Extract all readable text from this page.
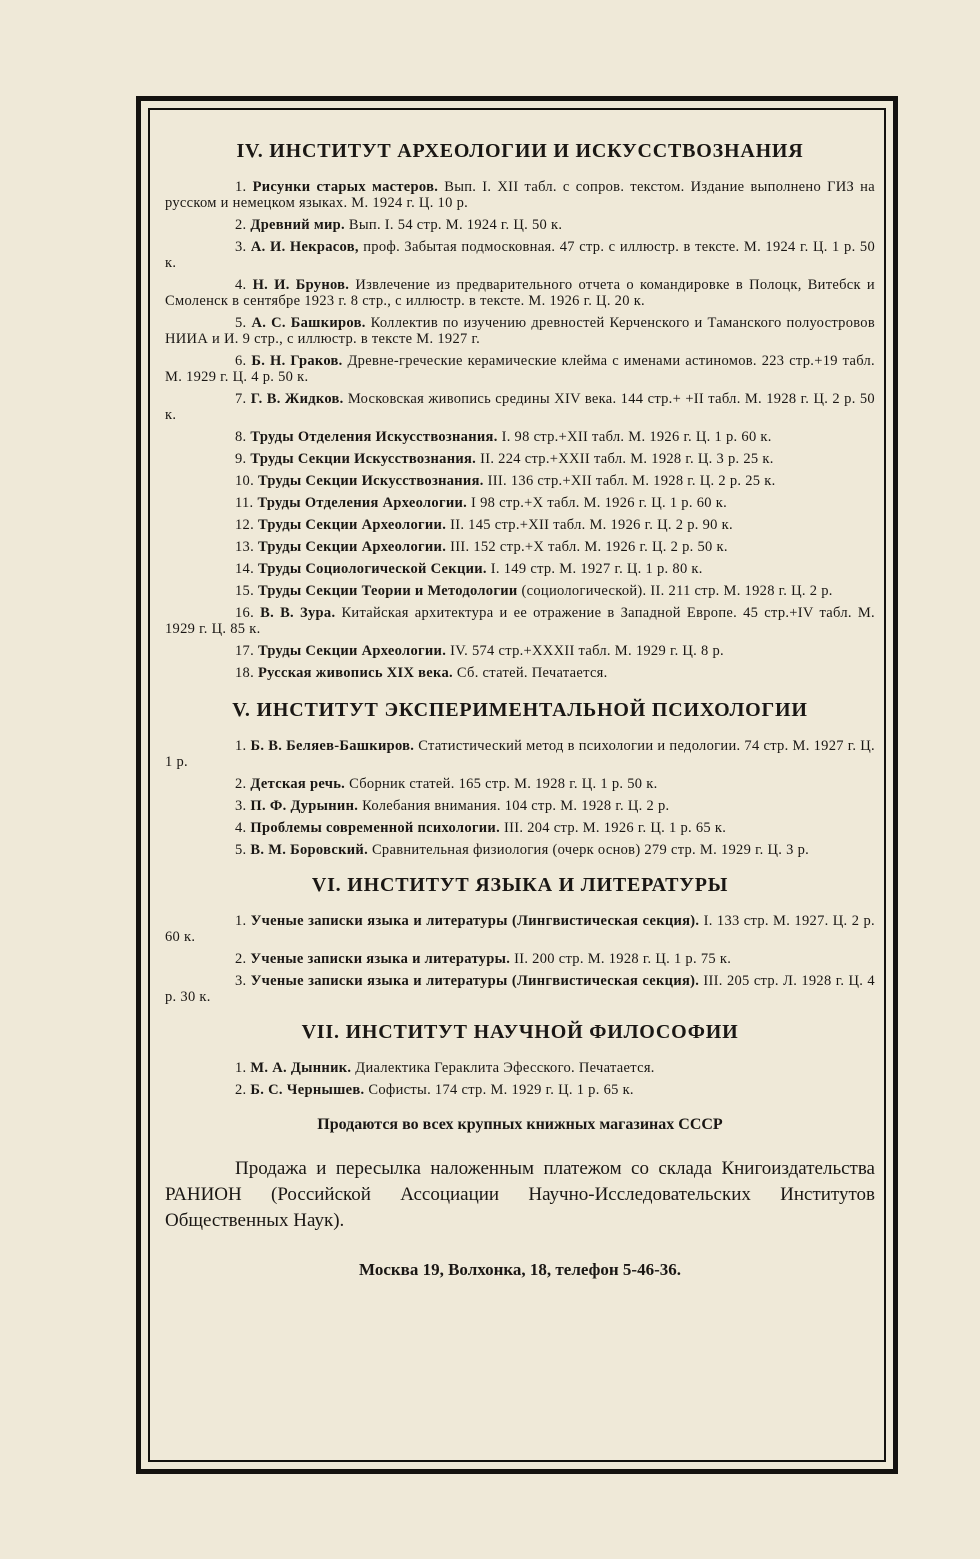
IV. ИНСТИТУТ АРХЕОЛОГИИ И ИСКУССТВОЗНАНИЯ

1. Рисунки старых мастеров. Вып. I. XII табл. с сопров. текстом. Издание выполнено ГИЗ на русском и немецком языках. М. 1924 г. Ц. 10 р.

2. Древний мир. Вып. I. 54 стр. М. 1924 г. Ц. 50 к.

3. А. И. Некрасов, проф. Забытая подмосковная. 47 стр. с иллюстр. в тексте. М. 1924 г. Ц. 1 р. 50 к.

4. Н. И. Брунов. Извлечение из предварительного отчета о командировке в Полоцк, Витебск и Смоленск в сентябре 1923 г. 8 стр., с иллюстр. в тексте. М. 1926 г. Ц. 20 к.

5. А. С. Башкиров. Коллектив по изучению древностей Керченского и Таманского полуостровов НИИА и И. 9 стр., с иллюстр. в тексте М. 1927 г.

6. Б. Н. Граков. Древне-греческие керамические клейма с именами астиномов. 223 стр.+19 табл. М. 1929 г. Ц. 4 р. 50 к.

7. Г. В. Жидков. Московская живопись средины XIV века. 144 стр.+ +II табл. М. 1928 г. Ц. 2 р. 50 к.

8. Труды Отделения Искусствознания. I. 98 стр.+XII табл. М. 1926 г. Ц. 1 р. 60 к.

9. Труды Секции Искусствознания. II. 224 стр.+XXII табл. М. 1928 г. Ц. 3 р. 25 к.

10. Труды Секции Искусствознания. III. 136 стр.+XII табл. М. 1928 г. Ц. 2 р. 25 к.

11. Труды Отделения Археологии. I 98 стр.+X табл. М. 1926 г. Ц. 1 р. 60 к.

12. Труды Секции Археологии. II. 145 стр.+XII табл. М. 1926 г. Ц. 2 р. 90 к.

13. Труды Секции Археологии. III. 152 стр.+X табл. М. 1926 г. Ц. 2 р. 50 к.

14. Труды Социологической Секции. I. 149 стр. М. 1927 г. Ц. 1 р. 80 к.

15. Труды Секции Теории и Методологии (социологической). II. 211 стр. М. 1928 г. Ц. 2 р.

16. В. В. Зура. Китайская архитектура и ее отражение в Западной Европе. 45 стр.+IV табл. М. 1929 г. Ц. 85 к.

17. Труды Секции Археологии. IV. 574 стр.+XXXII табл. М. 1929 г. Ц. 8 р.

18. Русская живопись XIX века. Сб. статей. Печатается.

V. ИНСТИТУТ ЭКСПЕРИМЕНТАЛЬНОЙ ПСИХОЛОГИИ

1. Б. В. Беляев-Башкиров. Статистический метод в психологии и педологии. 74 стр. М. 1927 г. Ц. 1 р.

2. Детская речь. Сборник статей. 165 стр. М. 1928 г. Ц. 1 р. 50 к.

3. П. Ф. Дурынин. Колебания внимания. 104 стр. М. 1928 г. Ц. 2 р.

4. Проблемы современной психологии. III. 204 стр. М. 1926 г. Ц. 1 р. 65 к.

5. В. М. Боровский. Сравнительная физиология (очерк основ) 279 стр. М. 1929 г. Ц. 3 р.

VI. ИНСТИТУТ ЯЗЫКА И ЛИТЕРАТУРЫ

1. Ученые записки языка и литературы (Лингвистическая секция). I. 133 стр. М. 1927. Ц. 2 р. 60 к.

2. Ученые записки языка и литературы. II. 200 стр. М. 1928 г. Ц. 1 р. 75 к.

3. Ученые записки языка и литературы (Лингвистическая секция). III. 205 стр. Л. 1928 г. Ц. 4 р. 30 к.

VII. ИНСТИТУТ НАУЧНОЙ ФИЛОСОФИИ

1. М. А. Дынник. Диалектика Гераклита Эфесского. Печатается.

2. Б. С. Чернышев. Софисты. 174 стр. М. 1929 г. Ц. 1 р. 65 к.

Продаются во всех крупных книжных магазинах СССР

Продажа и пересылка наложенным платежом со склада Книгоиздательства РАНИОН (Российской Ассоциации Научно-Исследовательских Институтов Общественных Наук).

Москва 19, Волхонка, 18, телефон 5-46-36.
